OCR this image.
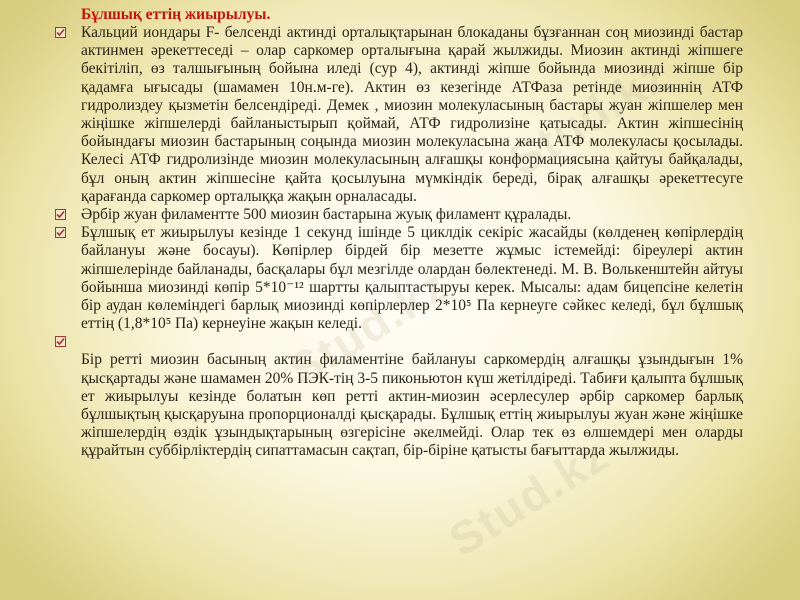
Stud.kz
Stud.kz
Stud.kz
Бұлшық еттің жиырылуы.

Кальций иондары F- белсенді актинді орталықтарынан блокаданы бұзғаннан соң миозинді бастар актинмен әрекеттеседі – олар саркомер орталығына қарай жылжиды. Миозин актинді жіпшеге бекітіліп, өз талшығының бойына иледі (сур 4), актинді жіпше бойында миозинді жіпше бір қадамға ығысады (шамамен 10н.м-ге). Актин өз кезегінде АТФаза ретінде миозиннің АТФ гидролиздеу қызметін белсендіреді. Демек , миозин молекуласының бастары жуан жіпшелер мен жіңішке жіпшелерді байланыстырып қоймай, АТФ гидролизіне қатысады. Актин жіпшесінің бойындағы миозин бастарының соңында миозин молекуласына жаңа АТФ молекуласы қосылады. Келесі АТФ гидролизінде миозин молекуласының алғашқы конформациясына қайтуы байқалады, бұл оның актин жіпшесіне қайта қосылуына мүмкіндік береді, бірақ алғашқы әрекеттесуге қарағанда саркомер орталыққа жақын орналасады.

Әрбір жуан филаментте 500 миозин бастарына жуық филамент құралады.

Бұлшық ет жиырылуы кезінде 1 секунд ішінде 5 циклдік секіріс жасайды (көлденең көпірлердің байлануы және босауы). Көпірлер бірдей бір мезетте жұмыс істемейді: біреулері актин жіпшелерінде байланады, басқалары бұл мезгілде олардан бөлектенеді. М. В. Волькенштейн айтуы бойынша миозинді көпір 5*10⁻¹² шартты қалыптастыруы керек. Мысалы: адам бицепсіне келетін бір аудан көлеміндегі барлық миозинді көпірлерлер 2*10⁵ Па кернеуге сәйкес келеді, бұл бұлшық еттің (1,8*10⁵ Па) кернеуіне жақын келеді.

Бір ретті миозин басының актин филаментіне байлануы саркомердің алғашқы ұзындығын 1% қысқартады және шамамен 20% ПЭК-тің 3-5 пиконьютон күш жетілдіреді. Табиғи қалыпта бұлшық ет жиырылуы кезінде болатын көп ретті актин-миозин әсерлесулер әрбір саркомер барлық бұлшықтың қысқаруына пропорционалді қысқарады. Бұлшық еттің жиырылуы жуан және жіңішке жіпшелердің өздік ұзындықтарының өзгерісіне әкелмейді. Олар тек өз өлшемдері мен оларды құрайтын суббірліктердің сипаттамасын сақтап, бір-біріне қатысты бағыттарда жылжиды.
